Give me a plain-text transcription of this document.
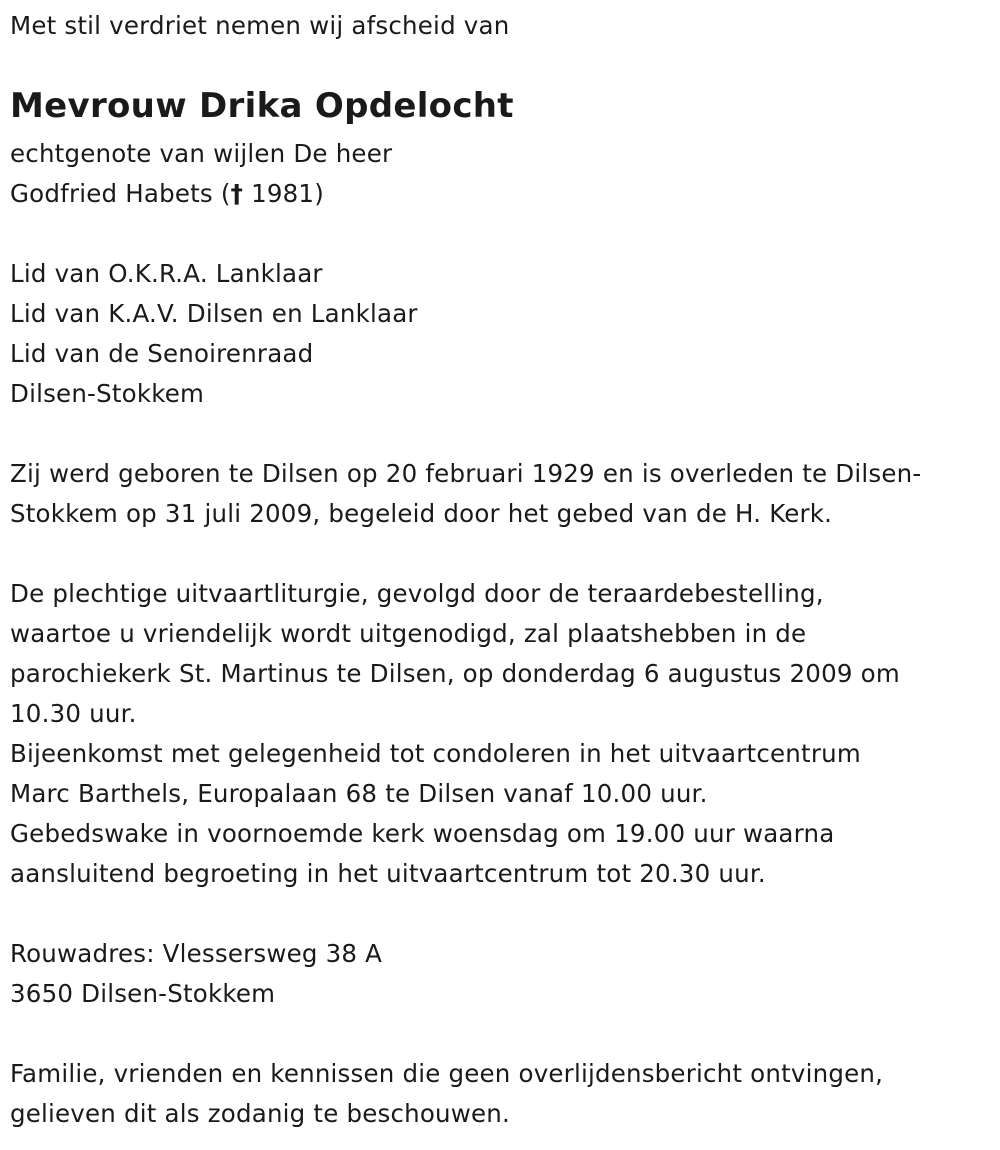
Met stil verdriet nemen wij afscheid van
Mevrouw Drika Opdelocht
echtgenote van wijlen De heer
Godfried Habets († 1981)
Lid van O.K.R.A. Lanklaar
Lid van K.A.V. Dilsen en Lanklaar
Lid van de Senoirenraad
Dilsen-Stokkem
Zij werd geboren te Dilsen op 20 februari 1929 en is overleden te Dilsen-
Stokkem op 31 juli 2009, begeleid door het gebed van de H. Kerk.
De plechtige uitvaartliturgie, gevolgd door de teraardebestelling,
waartoe u vriendelijk wordt uitgenodigd, zal plaatshebben in de
parochiekerk St. Martinus te Dilsen, op donderdag 6 augustus 2009 om
10.30 uur.
Bijeenkomst met gelegenheid tot condoleren in het uitvaartcentrum
Marc Barthels, Europalaan 68 te Dilsen vanaf 10.00 uur.
Gebedswake in voornoemde kerk woensdag om 19.00 uur waarna
aansluitend begroeting in het uitvaartcentrum tot 20.30 uur.
Rouwadres: Vlessersweg 38 A
3650 Dilsen-Stokkem
Familie, vrienden en kennissen die geen overlijdensbericht ontvingen,
gelieven dit als zodanig te beschouwen.
